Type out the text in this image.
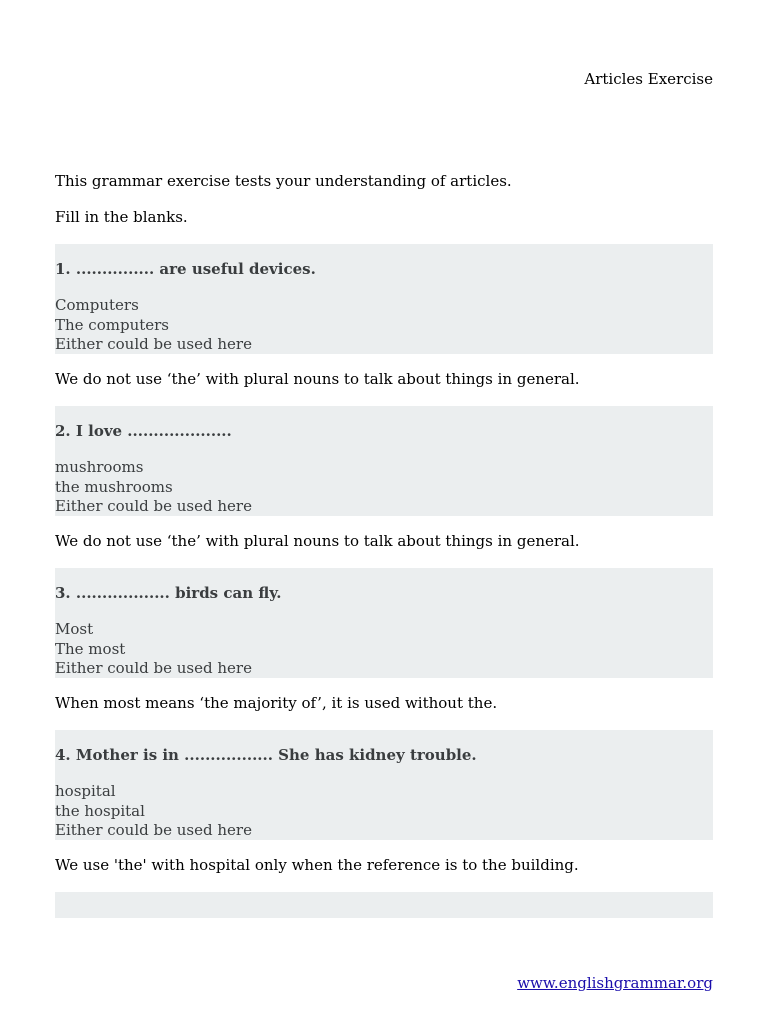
Articles Exercise

This grammar exercise tests your understanding of articles.

Fill in the blanks.

1. ............... are useful devices.

Computers
The computers
Either could be used here

We do not use ‘the’ with plural nouns to talk about things in general.

2. I love ....................

mushrooms
the mushrooms
Either could be used here

We do not use ‘the’ with plural nouns to talk about things in general.

3. .................. birds can fly.

Most
The most
Either could be used here

When most means ‘the majority of’, it is used without the.

4. Mother is in ................. She has kidney trouble.

hospital
the hospital
Either could be used here

We use 'the' with hospital only when the reference is to the building.

www.englishgrammar.org
